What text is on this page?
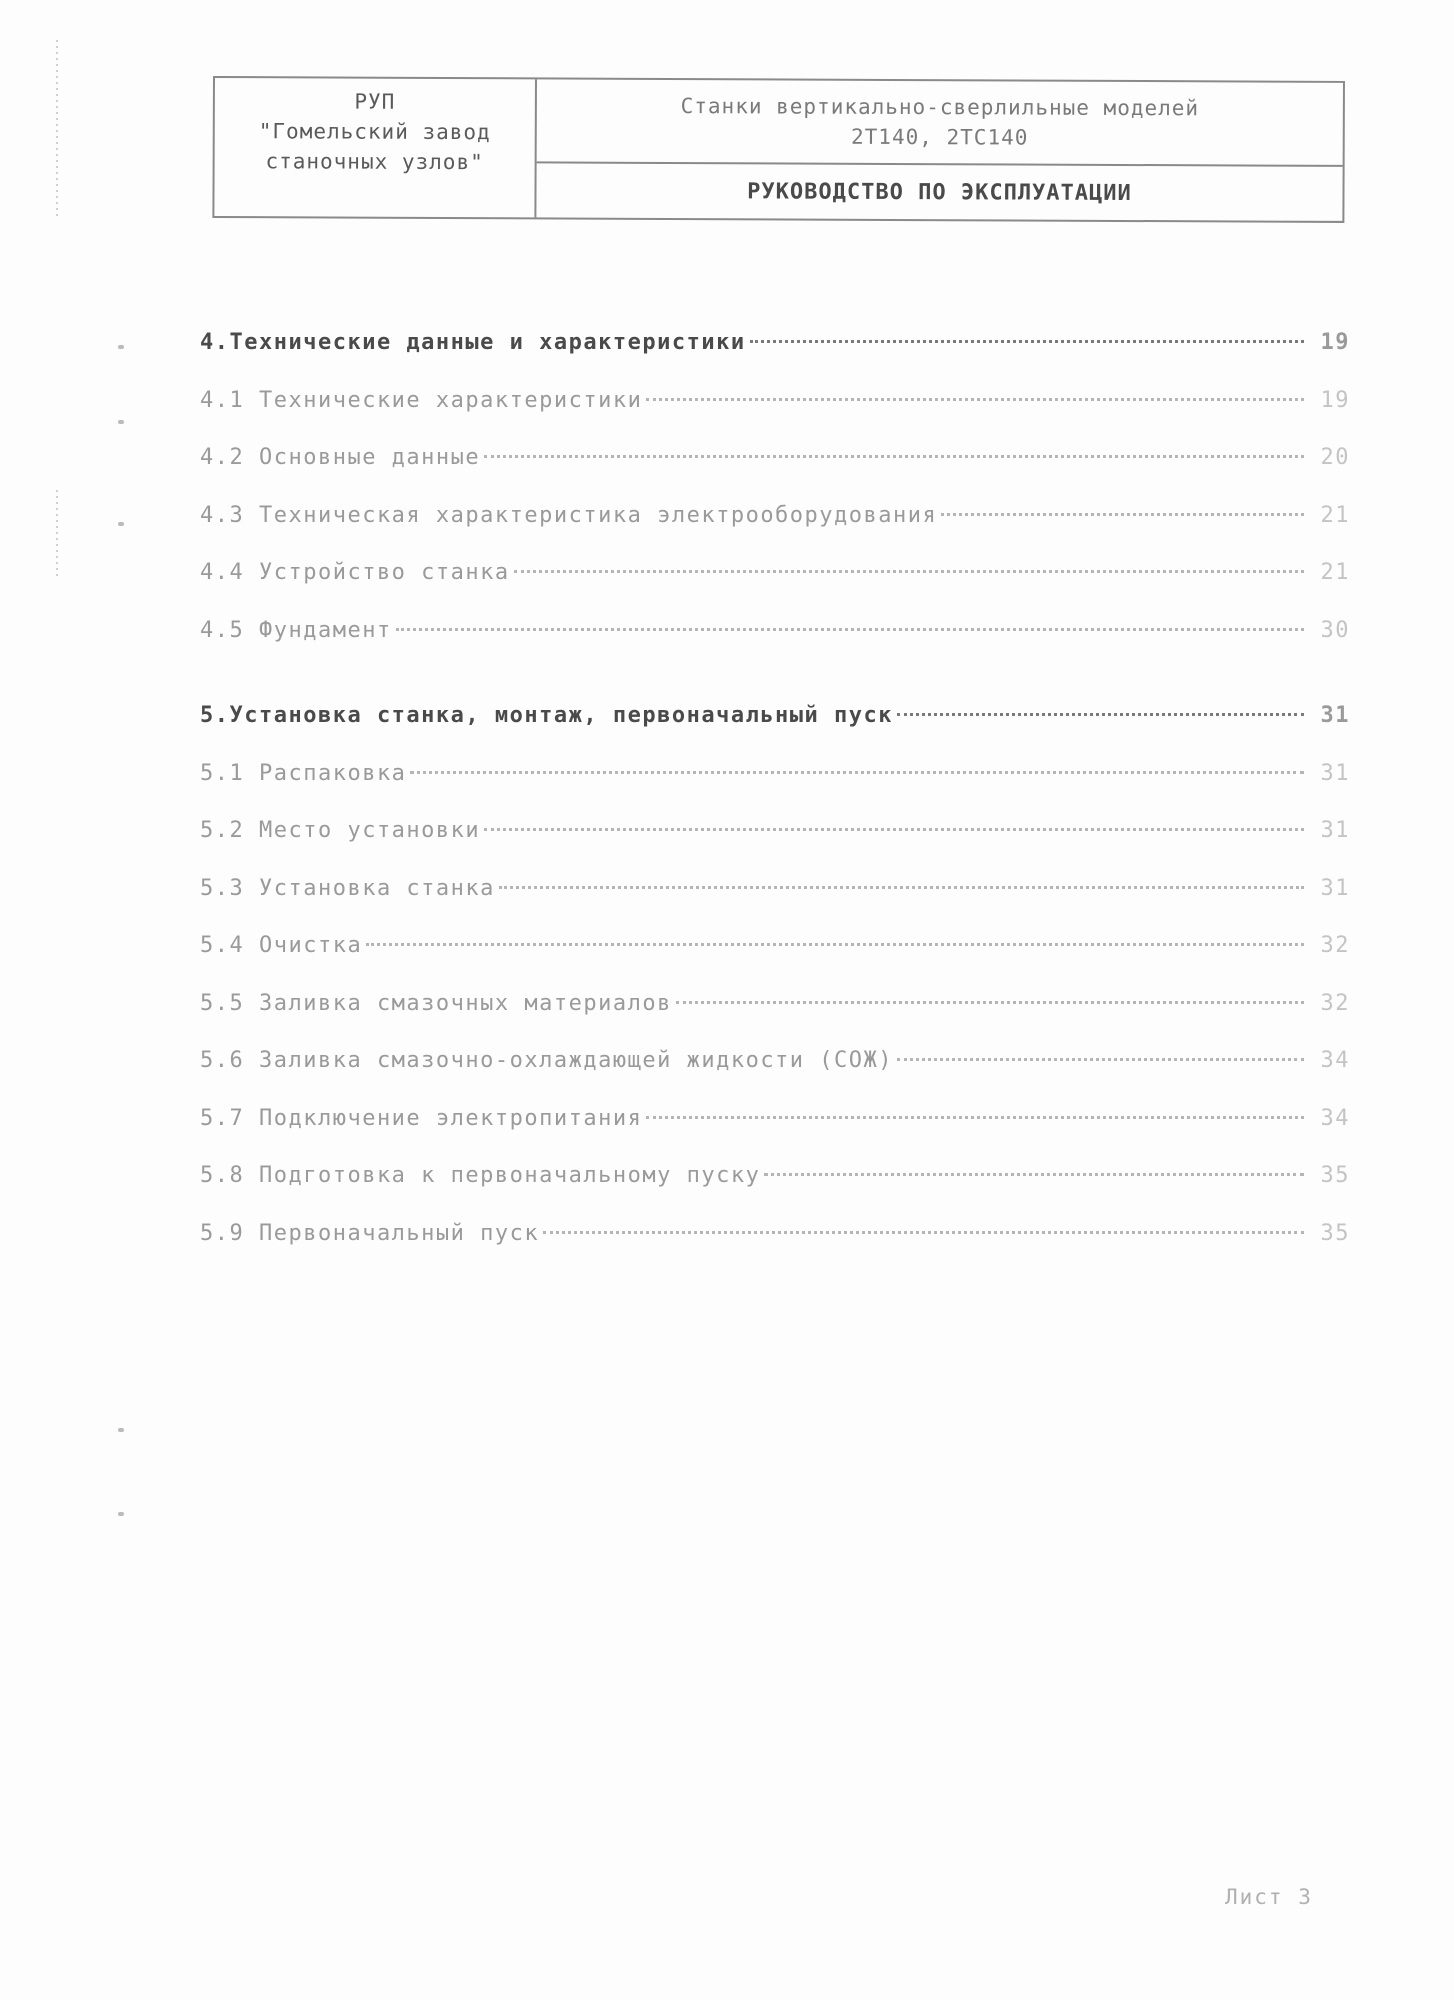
РУП
"Гомельский завод
станочных узлов"
Станки вертикально-сверлильные моделей
2Т140, 2ТС140
РУКОВОДСТВО ПО ЭКСПЛУАТАЦИИ
4.Технические данные и характеристики	19
4.1 Технические характеристики	19
4.2 Основные данные	20
4.3 Техническая характеристика электрооборудования	21
4.4 Устройство станка	21
4.5 Фундамент	30
5.Установка станка, монтаж, первоначальный пуск	31
5.1 Распаковка	31
5.2 Место установки	31
5.3 Установка станка	31
5.4 Очистка	32
5.5 Заливка смазочных материалов	32
5.6 Заливка смазочно-охлаждающей жидкости (СОЖ)	34
5.7 Подключение электропитания	34
5.8 Подготовка к первоначальному пуску	35
5.9 Первоначальный пуск	35
Лист 3
